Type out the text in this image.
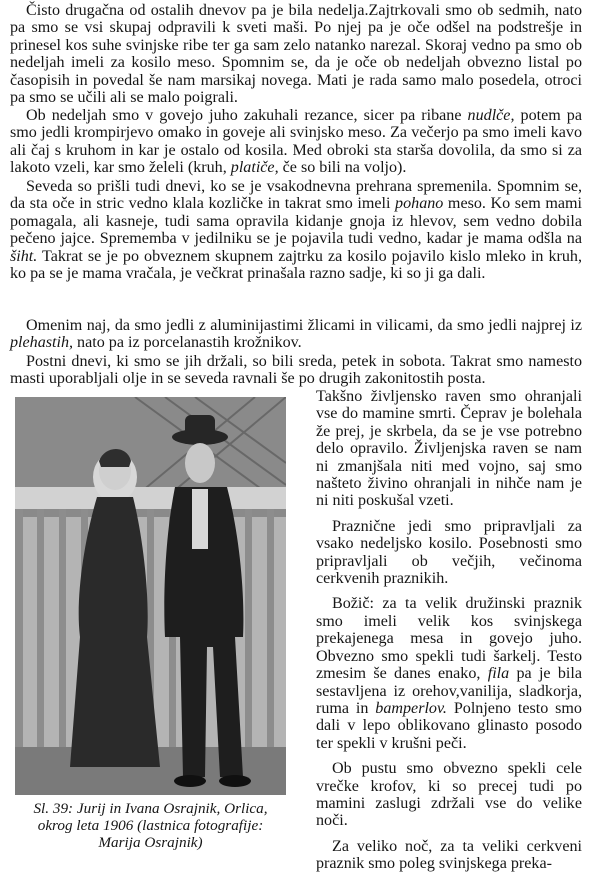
Čisto drugačna od ostalih dnevov pa je bila nedelja.Zajtrkovali smo ob sedmih, nato pa smo se vsi skupaj odpravili k sveti maši. Po njej pa je oče odšel na podstrešje in prinesel kos suhe svinjske ribe ter ga sam zelo natanko narezal. Skoraj vedno pa smo ob nedeljah imeli za kosilo meso. Spomnim se, da je oče ob nedeljah obvezno listal po časopisih in povedal še nam marsikaj novega. Mati je rada samo malo posedela, otroci pa smo se učili ali se malo poigrali.

Ob nedeljah smo v govejo juho zakuhali rezance, sicer pa ribane nudlče, potem pa smo jedli krompirjevo omako in goveje ali svinjsko meso. Za večerjo pa smo imeli kavo ali čaj s kruhom in kar je ostalo od kosila. Med obroki sta starša dovolila, da smo si za lakoto vzeli, kar smo želeli (kruh, platiče, če so bili na voljo).

Seveda so prišli tudi dnevi, ko se je vsakodnevna prehrana spremenila. Spomnim se, da sta oče in stric vedno klala kozličke in takrat smo imeli pohano meso. Ko sem mami pomagala, ali kasneje, tudi sama opravila kidanje gnoja iz hlevov, sem vedno dobila pečeno jajce. Sprememba v jedilniku se je pojavila tudi vedno, kadar je mama odšla na šiht. Takrat se je po obveznem skupnem zajtrku za kosilo pojavilo kislo mleko in kruh, ko pa se je mama vračala, je večkrat prinašala razno sadje, ki so ji ga dali.

Omenim naj, da smo jedli z aluminijastimi žlicami in vilicami, da smo jedli najprej iz plehastih, nato pa iz porcelanastih krožnikov.

Postni dnevi, ki smo se jih držali, so bili sreda, petek in sobota. Takrat smo namesto masti uporabljali olje in se seveda ravnali še po drugih zakonitostih posta.

Sl. 39: Jurij in Ivana Osrajnik, Orlica,
okrog leta 1906 (lastnica fotografije:
Marija Osrajnik)

Takšno življensko raven smo ohranjali vse do mamine smrti. Čeprav je bolehala že prej, je skrbela, da se je vse potrebno delo opravilo. Življenjska raven se nam ni zmanjšala niti med vojno, saj smo našteto živino ohranjali in nihče nam je ni niti poskušal vzeti.

Praznične jedi smo pripravljali za vsako nedeljsko kosilo. Posebnosti smo pripravljali ob večjih, večinoma cerkvenih praznikih.

Božič: za ta velik družinski praznik smo imeli velik kos svinjskega prekajenega mesa in govejo juho. Obvezno smo spekli tudi šarkelj. Testo zmesim še danes enako, fila pa je bila sestavljena iz orehov,vanilija, sladkorja, ruma in bamperlov. Polnjeno testo smo dali v lepo oblikovano glinasto posodo ter spekli v krušni peči.

Ob pustu smo obvezno spekli cele vrečke krofov, ki so precej tudi po mamini zaslugi zdržali vse do velike noči.

Za veliko noč, za ta veliki cerkveni praznik smo poleg svinjskega preka-
